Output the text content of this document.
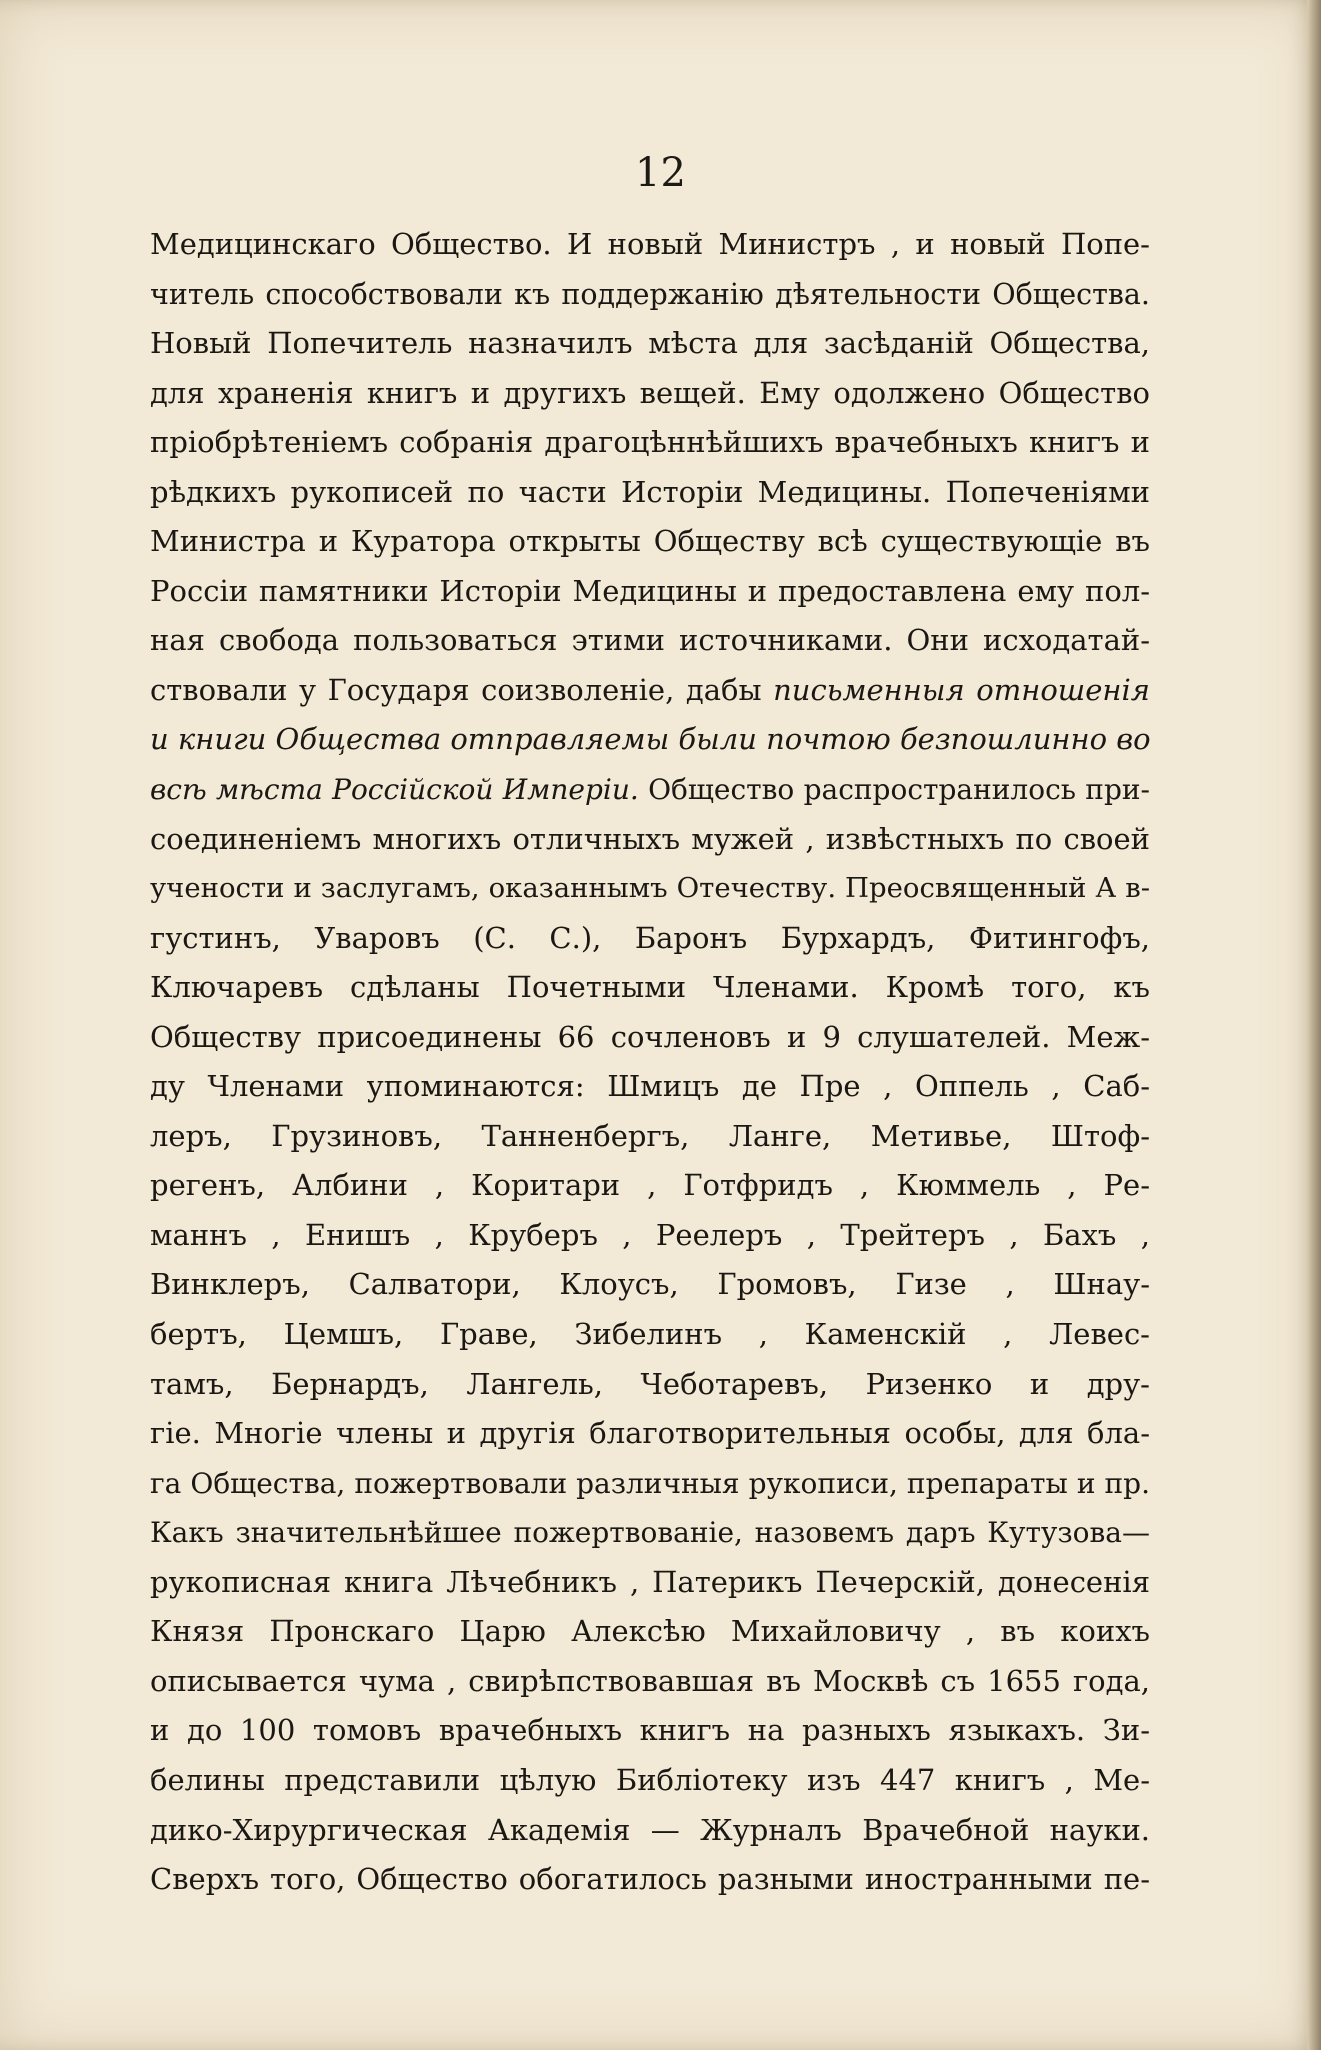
12
Медицинскаго Общество. И новый Министръ , и новый Попе-
читель способствовали къ поддержанію дѣятельности Общества.
Новый Попечитель назначилъ мѣста для засѣданій Общества,
для храненія книгъ и другихъ вещей. Ему одолжено Общество
пріобрѣтеніемъ собранія драгоцѣннѣйшихъ врачебныхъ книгъ и
рѣдкихъ рукописей по части Исторіи Медицины. Попеченіями
Министра и Куратора открыты Обществу всѣ существующіе въ
Россіи памятники Исторіи Медицины и предоставлена ему пол-
ная свобода пользоваться этими источниками. Они исходатай-
ствовали у Государя соизволеніе, дабы письменныя отношенія
и книги Общества отправляемы были почтою безпошлинно во
всѣ мѣста Россійской Имперіи. Общество распространилось при-
соединеніемъ многихъ отличныхъ мужей , извѣстныхъ по своей
учености и заслугамъ, оказаннымъ Отечеству. Преосвященный А в-
густинъ, Уваровъ (С. С.), Баронъ Бурхардъ, Фитингофъ,
Ключаревъ сдѣланы Почетными Членами. Кромѣ того, къ
Обществу присоединены 66 сочленовъ и 9 слушателей. Меж-
ду Членами упоминаются: Шмицъ де Пре , Оппель , Саб-
леръ, Грузиновъ, Танненбергъ, Ланге, Метивье, Штоф-
регенъ, Албини , Коритари , Готфридъ , Кюммель , Ре-
маннъ , Енишъ , Круберъ , Реелеръ , Трейтеръ , Бахъ ,
Винклеръ, Салватори, Клоусъ, Громовъ, Гизе , Шнау-
бертъ, Цемшъ, Граве, Зибелинъ , Каменскій , Левес-
тамъ, Бернардъ, Лангель, Чеботаревъ, Ризенко и дру-
гіе. Многіе члены и другія благотворительныя особы, для бла-
га Общества, пожертвовали различныя рукописи, препараты и пр.
Какъ значительнѣйшее пожертвованіе, назовемъ даръ Кутузова—
рукописная книга Лѣчебникъ , Патерикъ Печерскій, донесенія
Князя Пронскаго Царю Алексѣю Михайловичу , въ коихъ
описывается чума , свирѣпствовавшая въ Москвѣ съ 1655 года,
и до 100 томовъ врачебныхъ книгъ на разныхъ языкахъ. Зи-
белины представили цѣлую Библіотеку изъ 447 книгъ , Ме-
дико-Хирургическая Академія — Журналъ Врачебной науки.
Сверхъ того, Общество обогатилось разными иностранными пе-
